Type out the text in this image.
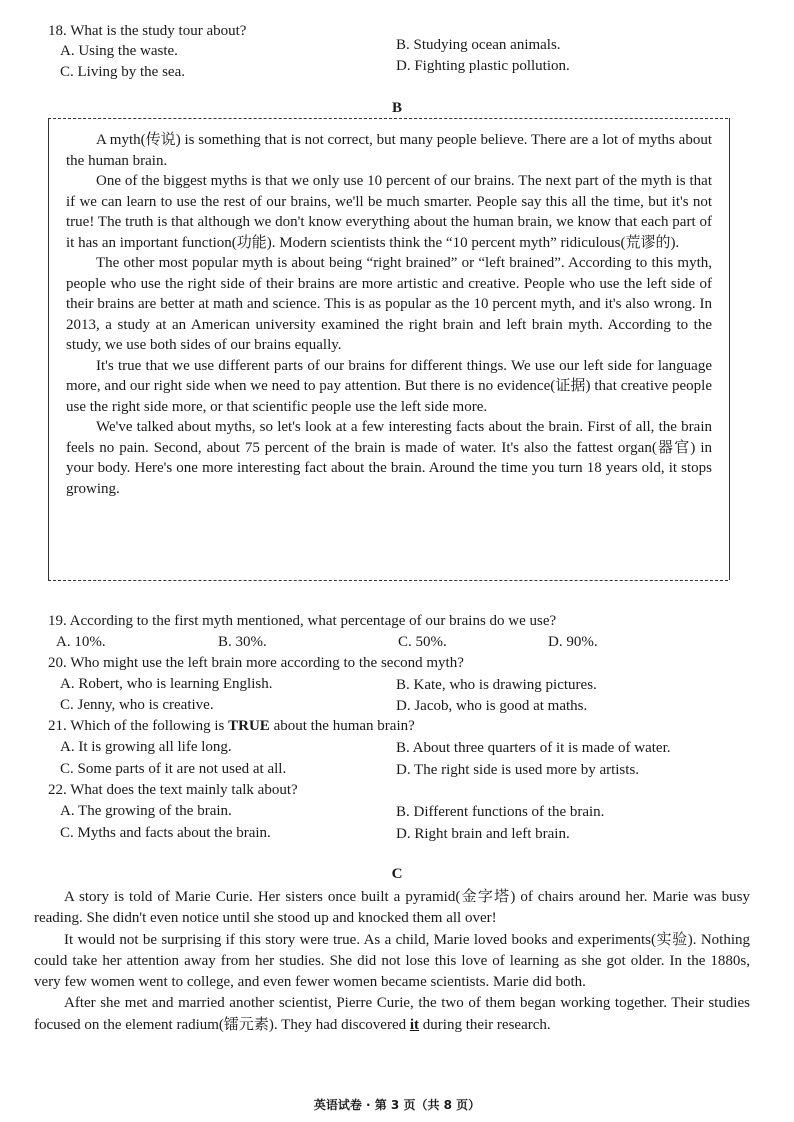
18. What is the study tour about?
A. Using the waste.	B. Studying ocean animals.
C. Living by the sea.	D. Fighting plastic pollution.
B

A myth(传说) is something that is not correct, but many people believe. There are a lot of myths about the human brain.

One of the biggest myths is that we only use 10 percent of our brains. The next part of the myth is that if we can learn to use the rest of our brains, we'll be much smarter. People say this all the time, but it's not true! The truth is that although we don't know everything about the human brain, we know that each part of it has an important function(功能). Modern scientists think the “10 percent myth” ridiculous(荒谬的).

The other most popular myth is about being “right brained” or “left brained”. According to this myth, people who use the right side of their brains are more artistic and creative. People who use the left side of their brains are better at math and science. This is as popular as the 10 percent myth, and it's also wrong. In 2013, a study at an American university examined the right brain and left brain myth. According to the study, we use both sides of our brains equally.

It's true that we use different parts of our brains for different things. We use our left side for language more, and our right side when we need to pay attention. But there is no evidence(证据) that creative people use the right side more, or that scientific people use the left side more.

We've talked about myths, so let's look at a few interesting facts about the brain. First of all, the brain feels no pain. Second, about 75 percent of the brain is made of water. It's also the fattest organ(器官) in your body. Here's one more interesting fact about the brain. Around the time you turn 18 years old, it stops growing.

19. According to the first myth mentioned, what percentage of our brains do we use?
A. 10%.	B. 30%.	C. 50%.	D. 90%.
20. Who might use the left brain more according to the second myth?
A. Robert, who is learning English.	B. Kate, who is drawing pictures.
C. Jenny, who is creative.	D. Jacob, who is good at maths.
21. Which of the following is TRUE about the human brain?
A. It is growing all life long.	B. About three quarters of it is made of water.
C. Some parts of it are not used at all.	D. The right side is used more by artists.
22. What does the text mainly talk about?
A. The growing of the brain.	B. Different functions of the brain.
C. Myths and facts about the brain.	D. Right brain and left brain.
C

A story is told of Marie Curie. Her sisters once built a pyramid(金字塔) of chairs around her. Marie was busy reading. She didn't even notice until she stood up and knocked them all over!

It would not be surprising if this story were true. As a child, Marie loved books and experiments(实验). Nothing could take her attention away from her studies. She did not lose this love of learning as she got older. In the 1880s, very few women went to college, and even fewer women became scientists. Marie did both.

After she met and married another scientist, Pierre Curie, the two of them began working together. Their studies focused on the element radium(镭元素). They had discovered it during their research.

英语试卷 · 第 3 页（共 8 页）
